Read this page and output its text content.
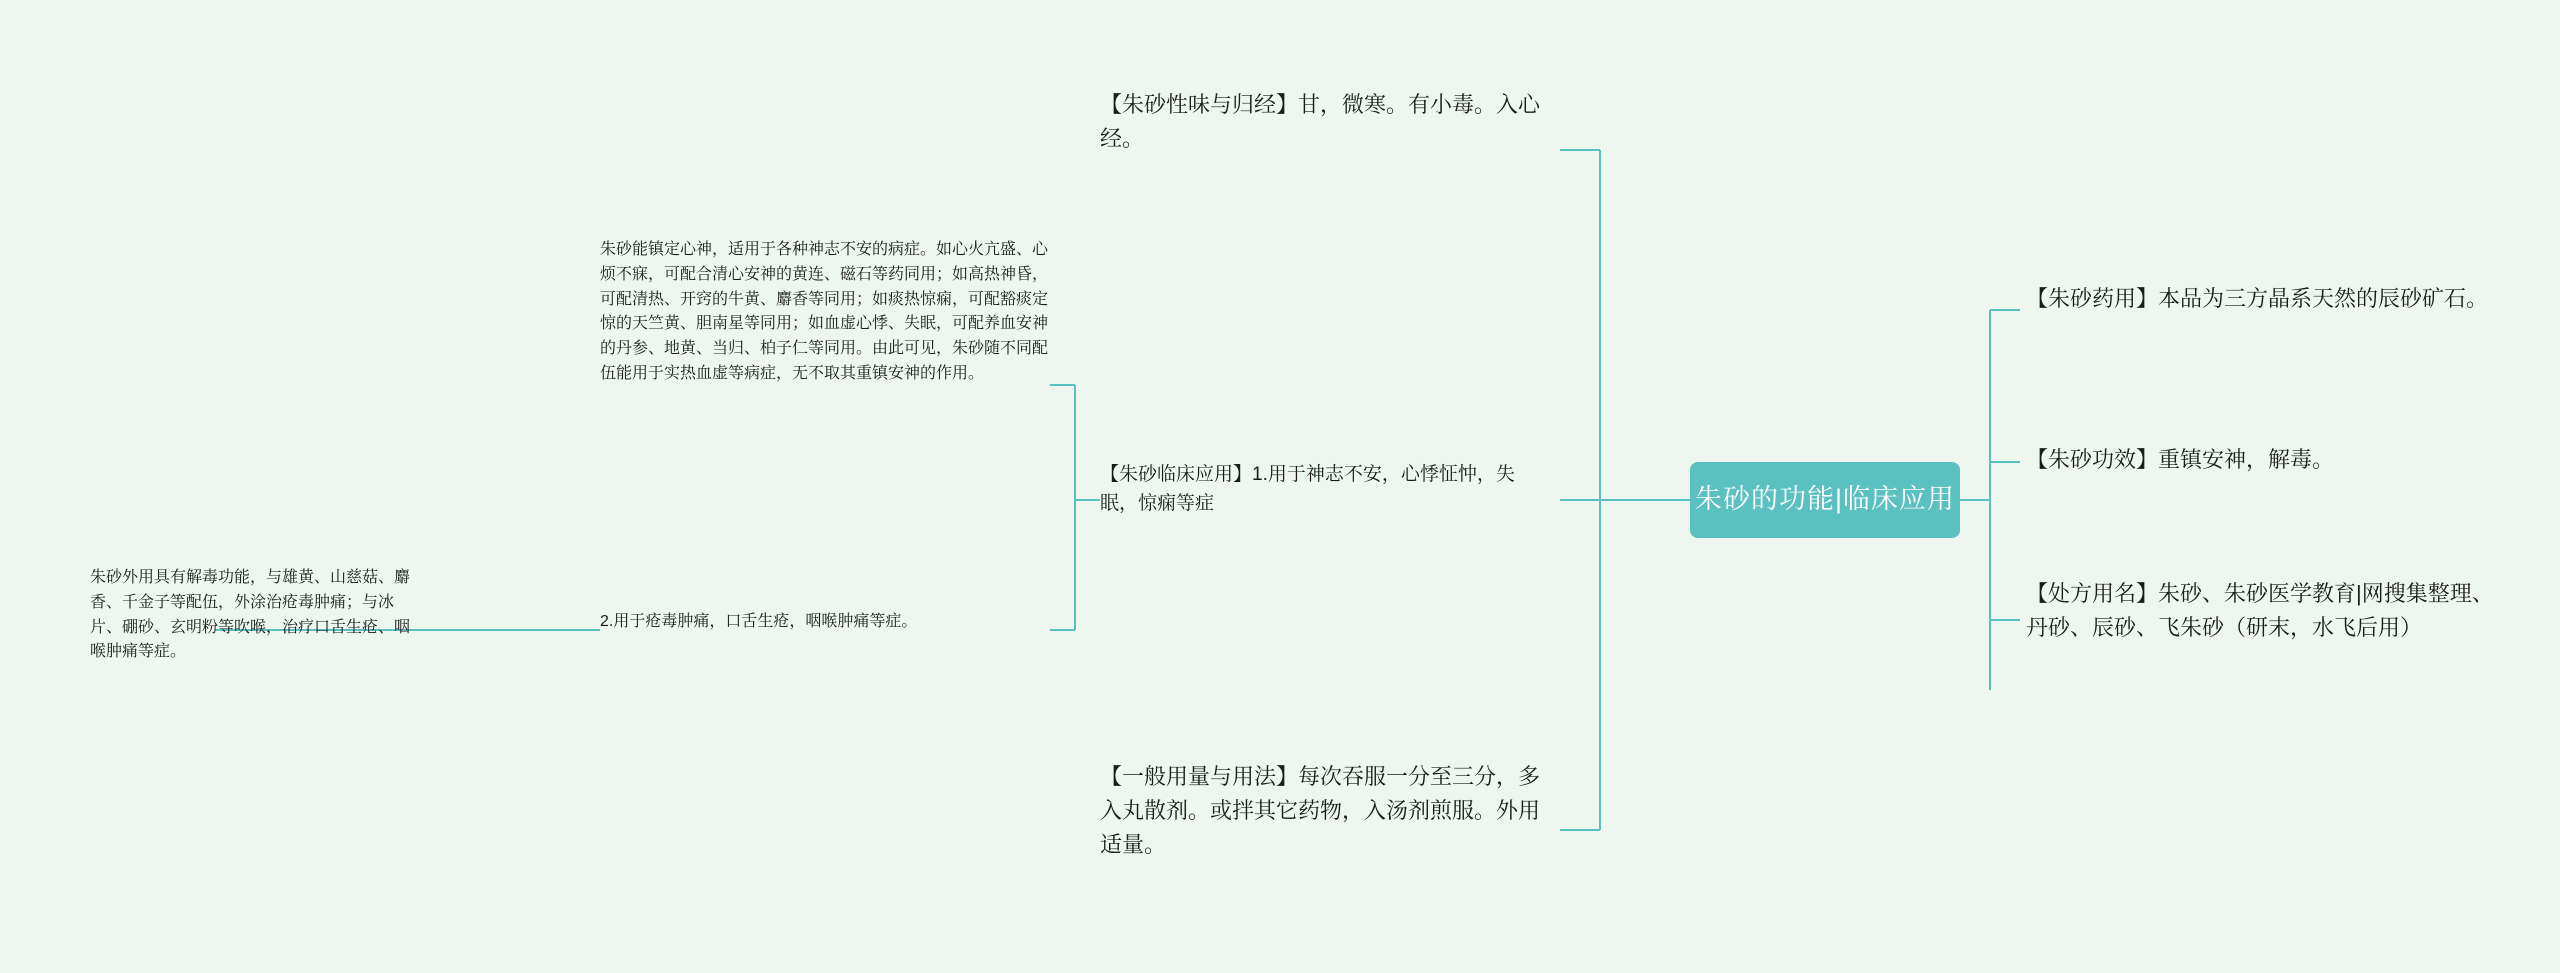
朱砂的功能|临床应用
【朱砂药用】本品为三方晶系天然的辰砂矿石。
【朱砂功效】重镇安神，解毒。
【处方用名】朱砂、朱砂医学教育|网搜集整理、丹砂、辰砂、飞朱砂（研末，水飞后用）
【朱砂性味与归经】甘，微寒。有小毒。入心经。
【朱砂临床应用】1.用于神志不安，心悸怔忡，失眠，惊痫等症
朱砂能镇定心神，适用于各种神志不安的病症。如心火亢盛、心烦不寐，可配合清心安神的黄连、磁石等药同用；如高热神昏，可配清热、开窍的牛黄、麝香等同用；如痰热惊痫，可配豁痰定惊的天竺黄、胆南星等同用；如血虚心悸、失眠，可配养血安神的丹参、地黄、当归、柏子仁等同用。由此可见，朱砂随不同配伍能用于实热血虚等病症，无不取其重镇安神的作用。
2.用于疮毒肿痛，口舌生疮，咽喉肿痛等症。
朱砂外用具有解毒功能，与雄黄、山慈菇、麝香、千金子等配伍，外涂治疮毒肿痛；与冰片、硼砂、玄明粉等吹喉，治疗口舌生疮、咽喉肿痛等症。
【一般用量与用法】每次吞服一分至三分，多入丸散剂。或拌其它药物，入汤剂煎服。外用适量。
